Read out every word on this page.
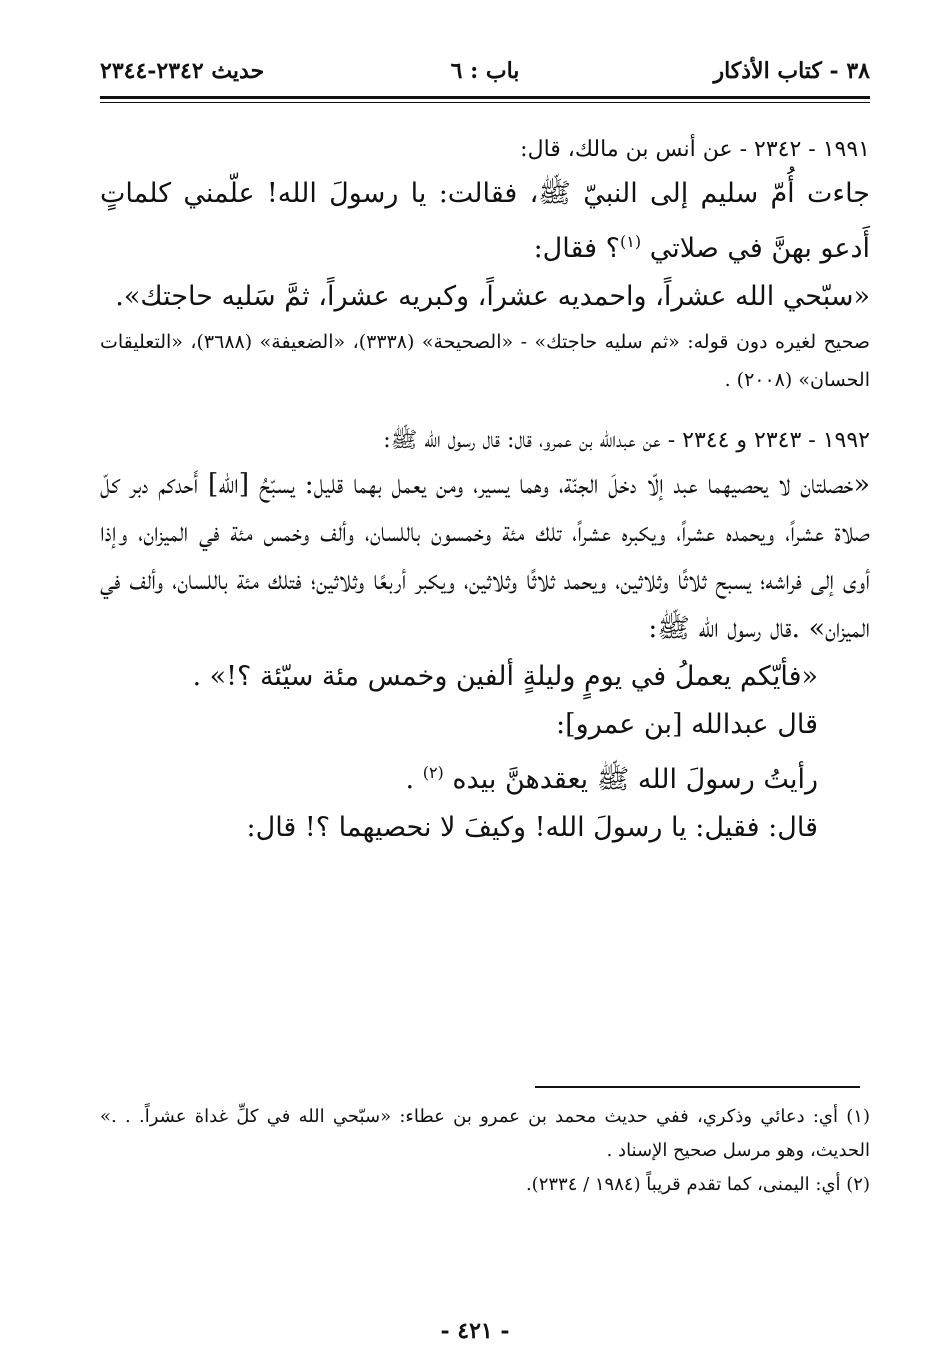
٣٨ - كتاب الأذكار
باب : ٦
حديث ٢٣٤٢-٢٣٤٤

١٩٩١ - ٢٣٤٢ - عن أنس بن مالك، قال:

جاءت أُمّ سليم إلى النبيّ ﷺ، فقالت: يا رسولَ الله! علّمني كلماتٍ أَدعو بهنَّ في صلاتي $^{(١)}$؟ فقال:

«سبّحي الله عشراً، واحمديه عشراً، وكبريه عشراً، ثمَّ سَليه حاجتك».

صحيح لغيره دون قوله: «ثم سليه حاجتك» - «الصحيحة» (٣٣٣٨)، «الضعيفة» (٣٦٨٨)، «التعليقات الحسان» (٢٠٠٨) .

١٩٩٢ - ٢٣٤٣ و ٢٣٤٤ - عن عبدالله بن عمرو، قال: قال رسول الله ﷺ:

«خصلتان لا يحصيهما عبد إلّا دخلَ الجنّة، وهما يسير، ومن يعمل بهما قليل: يسبّحُ [الله] أَحدكم دبر كلّ صلاة عشراً، ويحمده عشراً، ويكبره عشراً، تلك مئة وخمسون باللسان، وألف وخمس مئة في الميزان، وإذا أوى إلى فراشه؛ يسبح ثلاثًا وثلاثين، ويحمد ثلاثًا وثلاثين، ويكبر أربعًا وثلاثين؛ فتلك مئة باللسان، وألف في الميزان» .قال رسول الله ﷺ:

«فأيّكم يعملُ في يومٍ وليلةٍ ألفين وخمس مئة سيّئة ؟!» .

قال عبدالله [بن عمرو]:

رأيتُ رسولَ الله ﷺ يعقدهنَّ بيده $^{(٢)}$ .

قال: فقيل: يا رسولَ الله! وكيفَ لا نحصيهما ؟! قال:

(١) أي: دعائي وذكري، ففي حديث محمد بن عمرو بن عطاء: «سبّحي الله في كلِّ غداة عشراً. . .» الحديث، وهو مرسل صحيح الإسناد .

(٢) أي: اليمنى، كما تقدم قريباً (١٩٨٤ / ٢٣٣٤).

- ٤٢١ -
